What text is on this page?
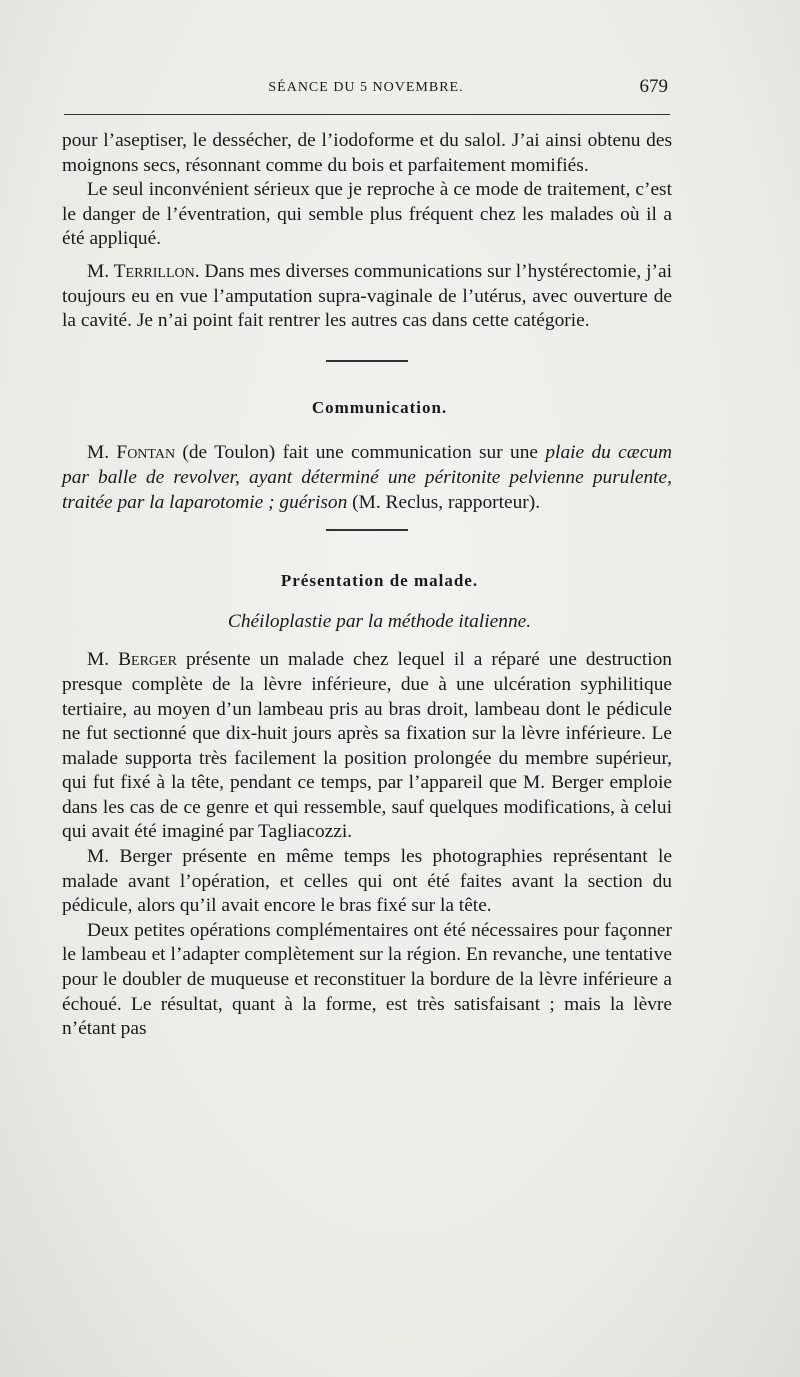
SÉANCE DU 5 NOVEMBRE.	679

pour l’aseptiser, le dessécher, de l’iodoforme et du salol. J’ai ainsi obtenu des moignons secs, résonnant comme du bois et parfaitement momifiés.

Le seul inconvénient sérieux que je reproche à ce mode de traitement, c’est le danger de l’éventration, qui semble plus fréquent chez les malades où il a été appliqué.

M. Terrillon. Dans mes diverses communications sur l’hystérectomie, j’ai toujours eu en vue l’amputation supra-vaginale de l’utérus, avec ouverture de la cavité. Je n’ai point fait rentrer les autres cas dans cette catégorie.

Communication.

M. Fontan (de Toulon) fait une communication sur une plaie du cæcum par balle de revolver, ayant déterminé une péritonite pelvienne purulente, traitée par la laparotomie ; guérison (M. Reclus, rapporteur).

Présentation de malade.

Chéiloplastie par la méthode italienne.

M. Berger présente un malade chez lequel il a réparé une destruction presque complète de la lèvre inférieure, due à une ulcération syphilitique tertiaire, au moyen d’un lambeau pris au bras droit, lambeau dont le pédicule ne fut sectionné que dix-huit jours après sa fixation sur la lèvre inférieure. Le malade supporta très facilement la position prolongée du membre supérieur, qui fut fixé à la tête, pendant ce temps, par l’appareil que M. Berger emploie dans les cas de ce genre et qui ressemble, sauf quelques modifications, à celui qui avait été imaginé par Tagliacozzi.

M. Berger présente en même temps les photographies représentant le malade avant l’opération, et celles qui ont été faites avant la section du pédicule, alors qu’il avait encore le bras fixé sur la tête.

Deux petites opérations complémentaires ont été nécessaires pour façonner le lambeau et l’adapter complètement sur la région. En revanche, une tentative pour le doubler de muqueuse et reconstituer la bordure de la lèvre inférieure a échoué. Le résultat, quant à la forme, est très satisfaisant ; mais la lèvre n’étant pas
